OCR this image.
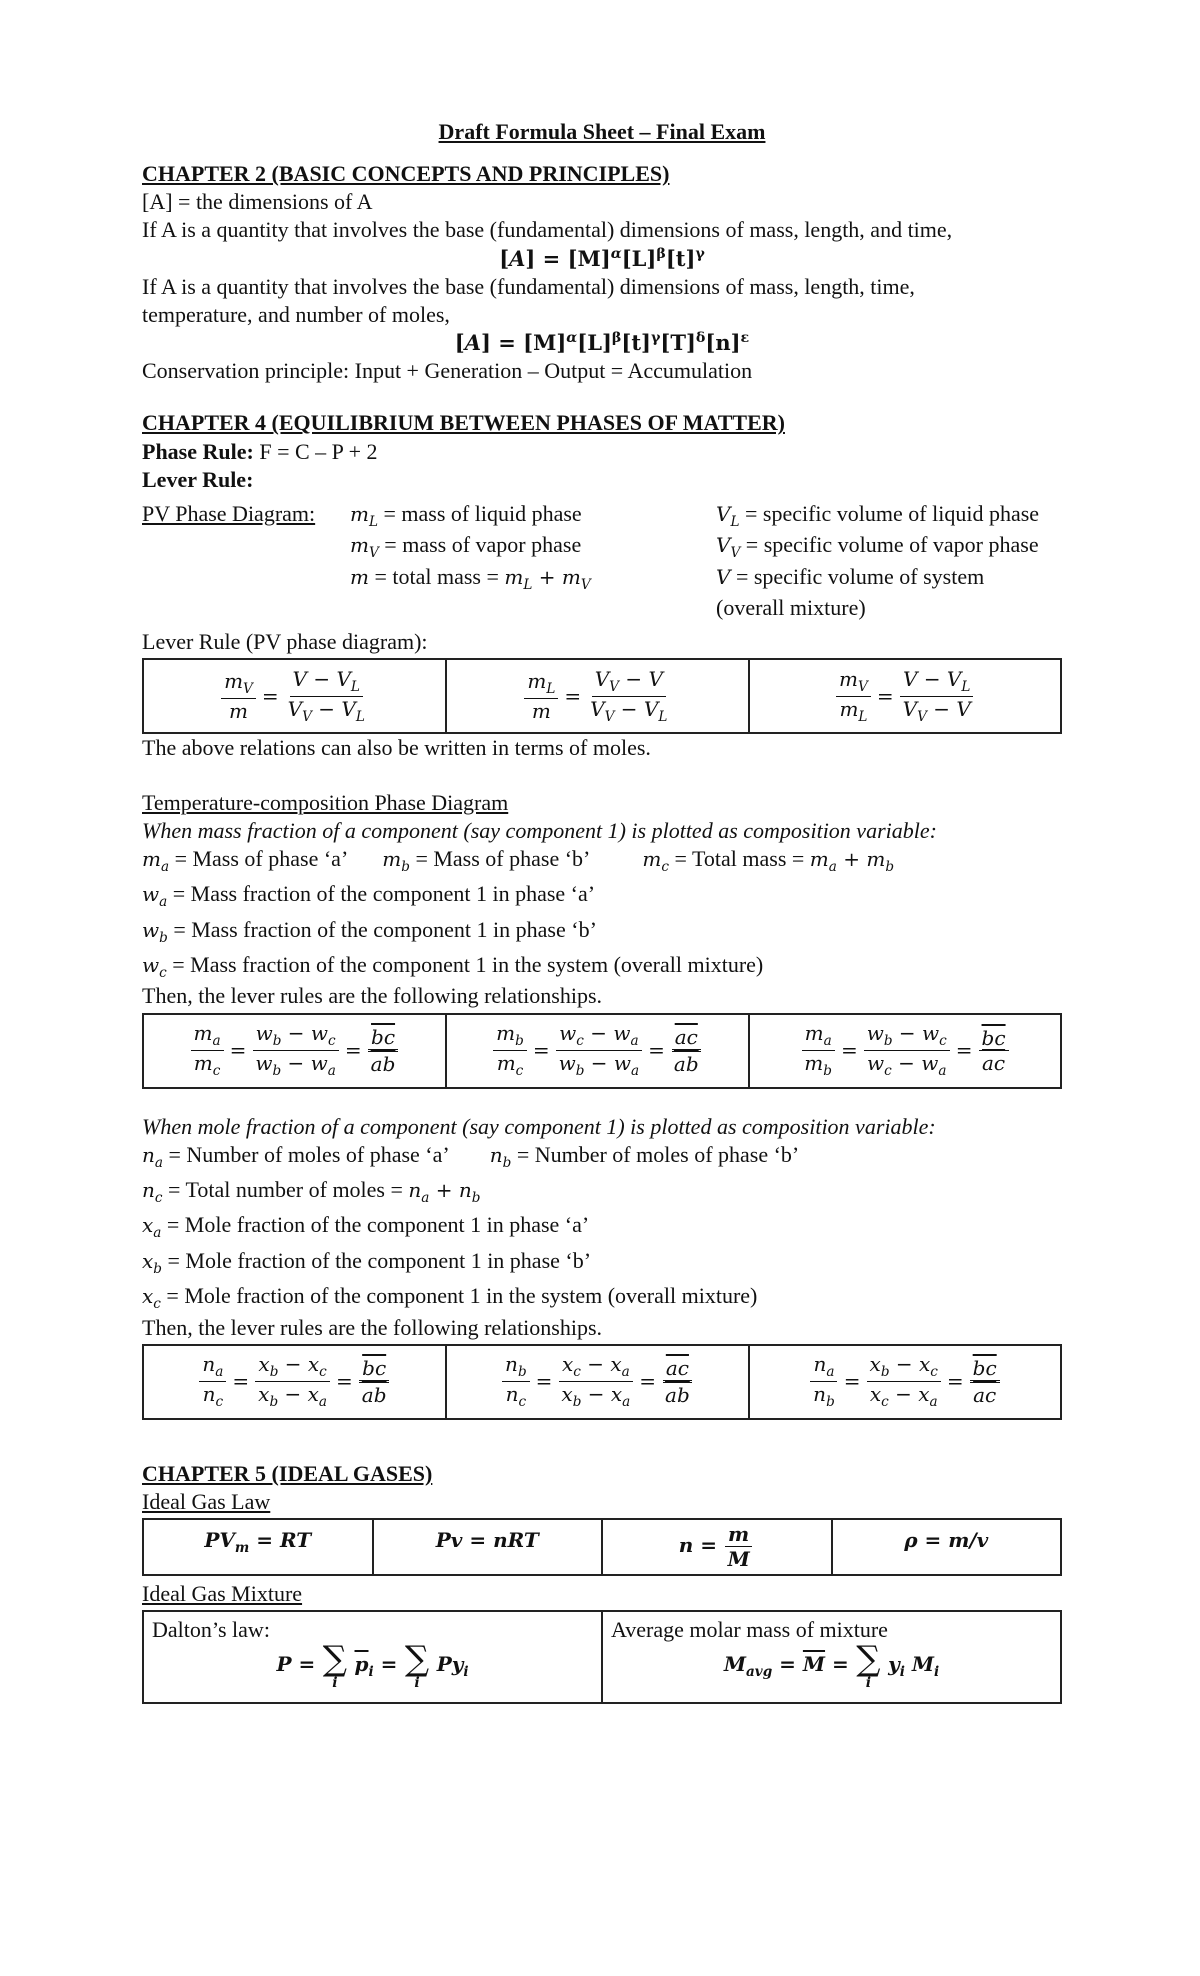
Draft Formula Sheet – Final Exam
CHAPTER 2 (BASIC CONCEPTS AND PRINCIPLES)
[A] = the dimensions of A
If A is a quantity that involves the base (fundamental) dimensions of mass, length, and time,
$[A] = [M]^\alpha[L]^\beta[t]^\gamma$
If A is a quantity that involves the base (fundamental) dimensions of mass, length, time,
temperature, and number of moles,
$[A] = [M]^\alpha[L]^\beta[t]^\gamma[T]^\delta[n]^\varepsilon$
Conservation principle: Input + Generation – Output = Accumulation
CHAPTER 4 (EQUILIBRIUM BETWEEN PHASES OF MATTER)
Phase Rule: F = C – P + 2
Lever Rule:
PV Phase Diagram:	$m_L$ = mass of liquid phase	$V_L$ = specific volume of liquid phase
$m_V$ = mass of vapor phase	$V_V$ = specific volume of vapor phase
m = total mass = $m_L + m_V$	V = specific volume of system
(overall mixture)
Lever Rule (PV phase diagram):
$\frac{m_V}{m} = \frac{V - V_L}{V_V - V_L}$	$\frac{m_L}{m} = \frac{V_V - V}{V_V - V_L}$	$\frac{m_V}{m_L} = \frac{V - V_L}{V_V - V}$
The above relations can also be written in terms of moles.
Temperature-composition Phase Diagram
When mass fraction of a component (say component 1) is plotted as composition variable:
$m_a$ = Mass of phase ‘a’ $m_b$ = Mass of phase ‘b’	$m_c$ = Total mass = $m_a + m_b$
$w_a$ = Mass fraction of the component 1 in phase ‘a’
$w_b$ = Mass fraction of the component 1 in phase ‘b’
$w_c$ = Mass fraction of the component 1 in the system (overall mixture)
Then, the lever rules are the following relationships.
$\frac{m_a}{m_c} = \frac{w_b - w_c}{w_b - w_a} = \frac{\overline{bc}}{ab}$	$\frac{m_b}{m_c} = \frac{w_c - w_a}{w_b - w_a} = \frac{\overline{ac}}{ab}$	$\frac{m_a}{m_b} = \frac{w_b - w_c}{w_c - w_a} = \frac{\overline{bc}}{ac}$
When mole fraction of a component (say component 1) is plotted as composition variable:
$n_a$ = Number of moles of phase ‘a’ $n_b$ = Number of moles of phase ‘b’
$n_c$ = Total number of moles = $n_a + n_b$
$x_a$ = Mole fraction of the component 1 in phase ‘a’
$x_b$ = Mole fraction of the component 1 in phase ‘b’
$x_c$ = Mole fraction of the component 1 in the system (overall mixture)
Then, the lever rules are the following relationships.
$\frac{n_a}{n_c} = \frac{x_b - x_c}{x_b - x_a} = \frac{\overline{bc}}{ab}$	$\frac{n_b}{n_c} = \frac{x_c - x_a}{x_b - x_a} = \frac{\overline{ac}}{ab}$	$\frac{n_a}{n_b} = \frac{x_b - x_c}{x_c - x_a} = \frac{\overline{bc}}{ac}$
CHAPTER 5 (IDEAL GASES)
Ideal Gas Law
$PV_m$ = RT	Pv = nRT	$n = \frac{m}{M}$	ρ = m/v
Ideal Gas Mixture
Dalton’s law:
P = ∑
i
$\overline{p}_i$ = ∑
i
$Py_i$

Average molar mass of mixture
$M_{avg} = \overline{M}$ = ∑
i
$y_i$ $M_i$
